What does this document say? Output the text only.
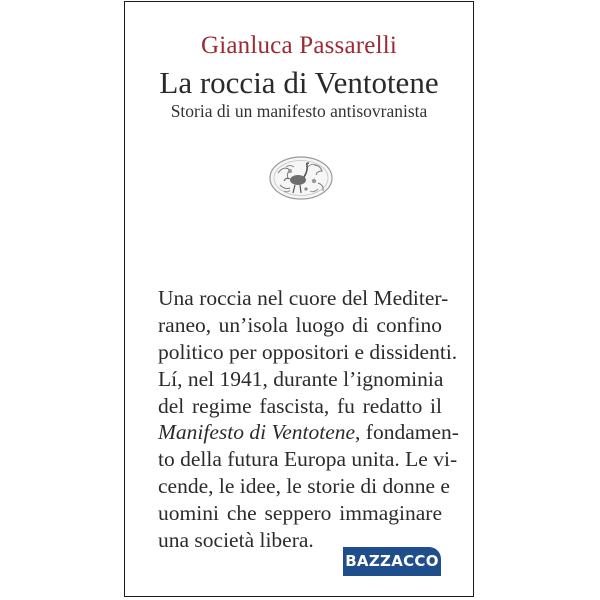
Gianluca Passarelli
La roccia di Ventotene
Storia di un manifesto antisovranista
Una roccia nel cuore del Mediter-
raneo, un’isola luogo di confino
politico per oppositori e dissidenti.
Lí, nel 1941, durante l’ignominia
del regime fascista, fu redatto il
Manifesto di Ventotene, fondamen-
to della futura Europa unita. Le vi-
cende, le idee, le storie di donne e
uomini che seppero immaginare
una società libera.
BAZZACCO
